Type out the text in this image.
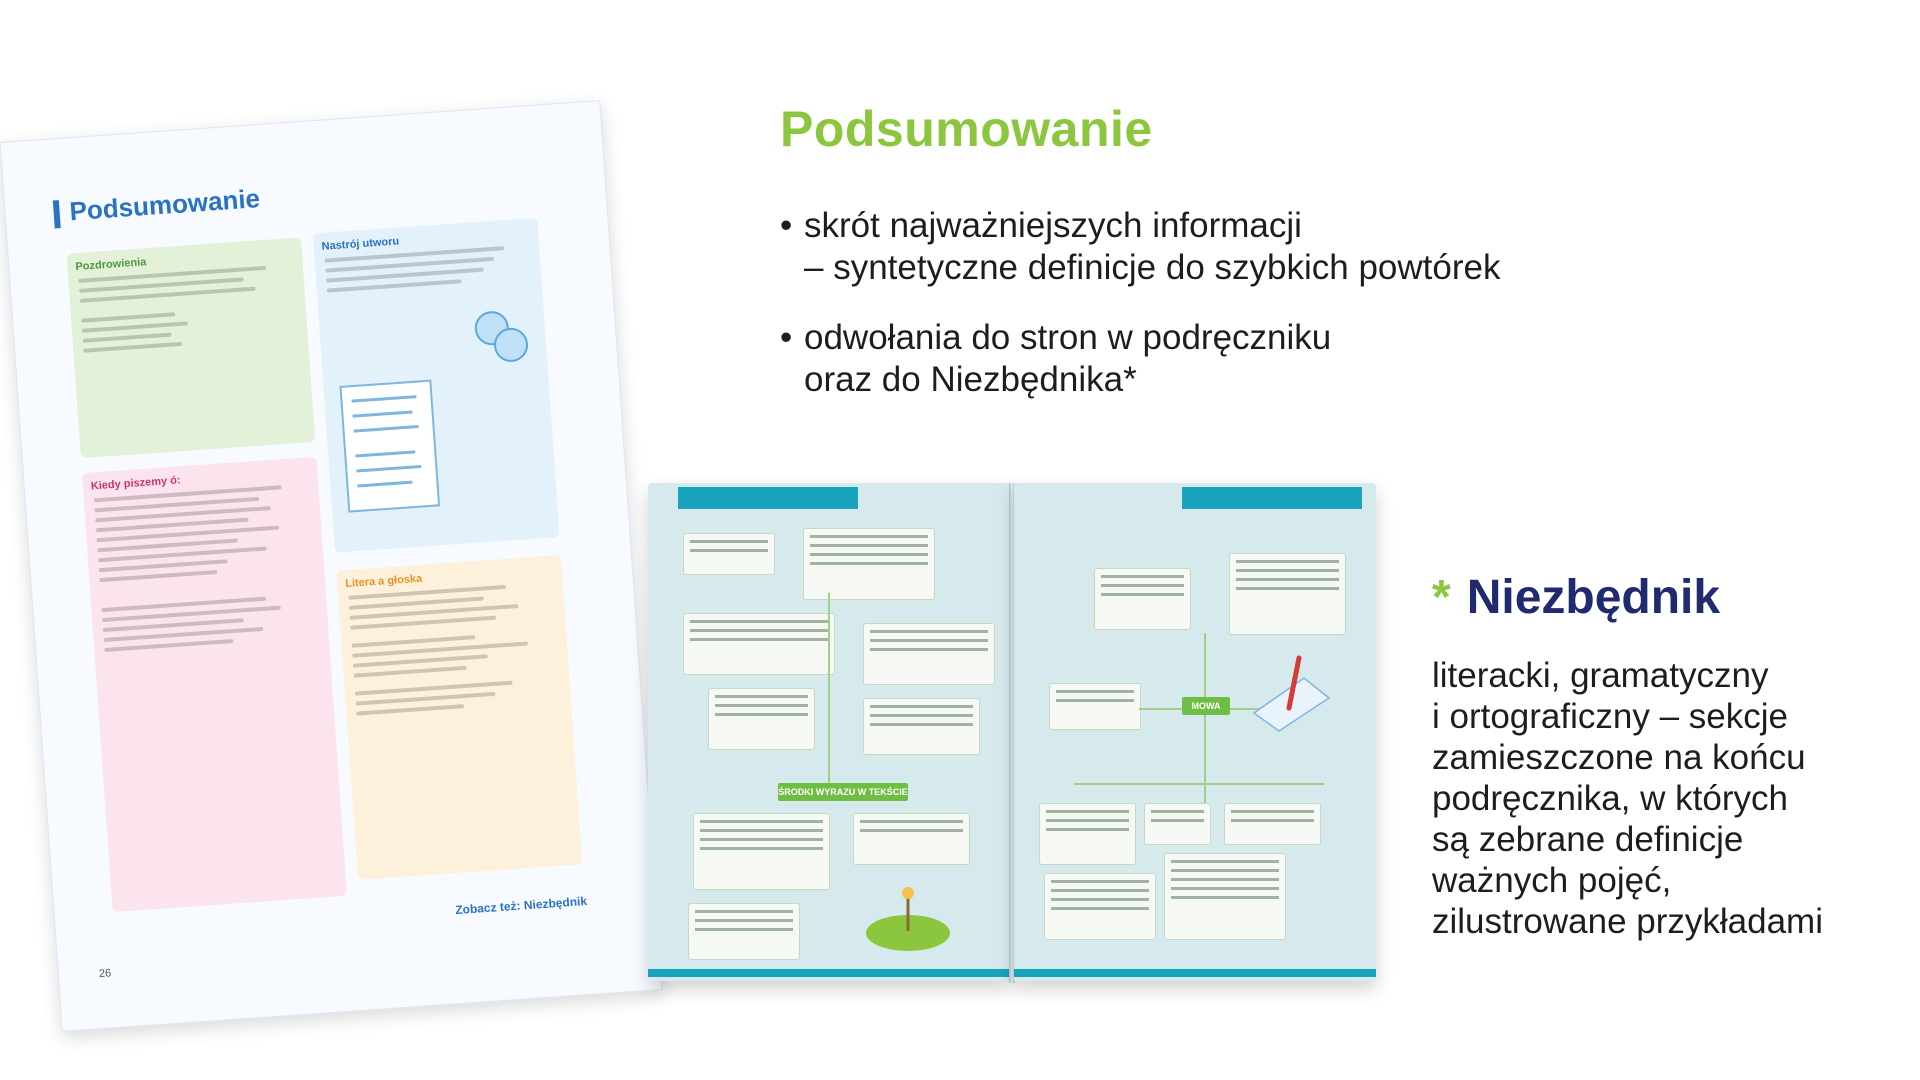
Podsumowanie
• skrót najważniejszych informacji
– syntetyczne definicje do szybkich powtórek
• odwołania do stron w podręczniku
oraz do Niezbędnika*
* Niezbędnik
literacki, gramatyczny
i ortograficzny – sekcje
zamieszczone na końcu
podręcznika, w których
są zebrane definicje
ważnych pojęć,
zilustrowane przykładami
Podsumowanie
Pozdrowienia
Nastrój utworu
Kiedy piszemy ó:
Litera a głoska
Zobacz też: Niezbędnik
26
ŚRODKI WYRAZU W TEKŚCIE
MOWA
